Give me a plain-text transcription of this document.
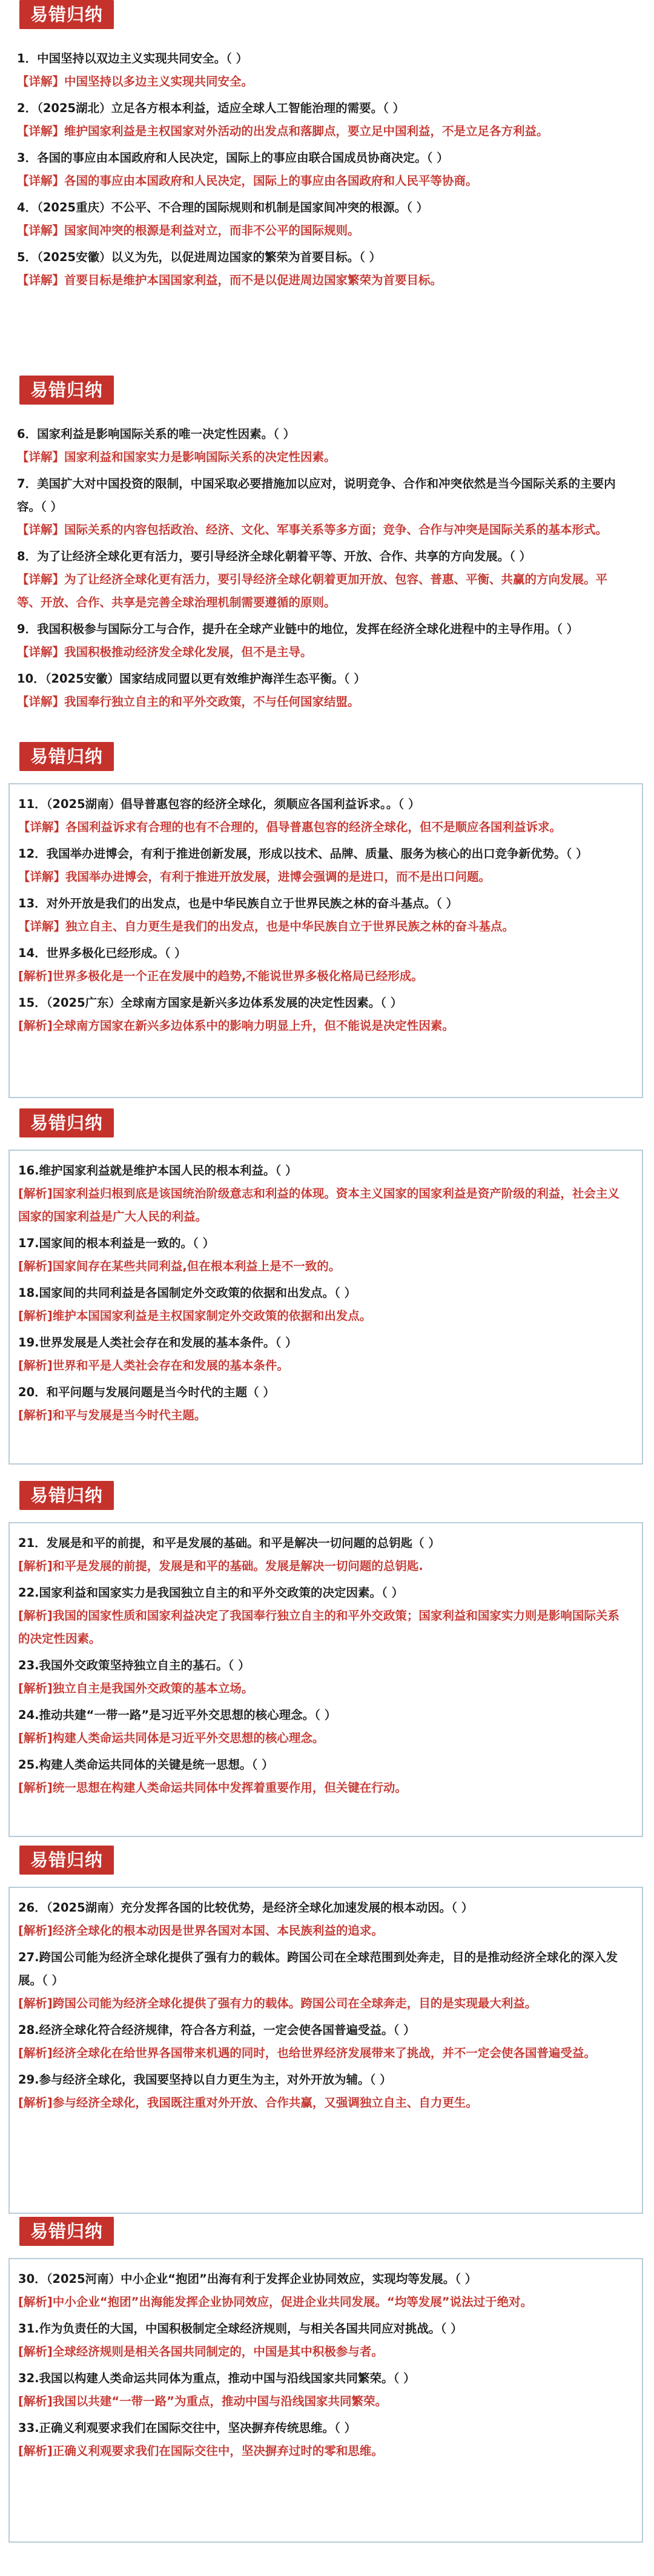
易错归纳

1．中国坚持以双边主义实现共同安全。（ ）

【详解】中国坚持以多边主义实现共同安全。

2．（2025湖北）立足各方根本利益，适应全球人工智能治理的需要。（ ）

【详解】维护国家利益是主权国家对外活动的出发点和落脚点，要立足中国利益，不是立足各方利益。

3．各国的事应由本国政府和人民决定，国际上的事应由联合国成员协商决定。（ ）

【详解】各国的事应由本国政府和人民决定，国际上的事应由各国政府和人民平等协商。

4．（2025重庆）不公平、不合理的国际规则和机制是国家间冲突的根源。（ ）

【详解】国家间冲突的根源是利益对立，而非不公平的国际规则。

5．（2025安徽）以义为先，以促进周边国家的繁荣为首要目标。（ ）

【详解】首要目标是维护本国国家利益，而不是以促进周边国家繁荣为首要目标。

易错归纳

6．国家利益是影响国际关系的唯一决定性因素。（ ）

【详解】国家利益和国家实力是影响国际关系的决定性因素。

7．美国扩大对中国投资的限制，中国采取必要措施加以应对，说明竞争、合作和冲突依然是当今国际关系的主要内容。（ ）

【详解】国际关系的内容包括政治、经济、文化、军事关系等多方面；竞争、合作与冲突是国际关系的基本形式。

8．为了让经济全球化更有活力，要引导经济全球化朝着平等、开放、合作、共享的方向发展。（ ）

【详解】为了让经济全球化更有活力，要引导经济全球化朝着更加开放、包容、普惠、平衡、共赢的方向发展。平等、开放、合作、共享是完善全球治理机制需要遵循的原则。

9．我国积极参与国际分工与合作，提升在全球产业链中的地位，发挥在经济全球化进程中的主导作用。（ ）

【详解】我国积极推动经济发全球化发展，但不是主导。

10．（2025安徽）国家结成同盟以更有效维护海洋生态平衡。（ ）

【详解】我国奉行独立自主的和平外交政策，不与任何国家结盟。

易错归纳

11．（2025湖南）倡导普惠包容的经济全球化，须顺应各国利益诉求。。（ ）

【详解】各国利益诉求有合理的也有不合理的，倡导普惠包容的经济全球化，但不是顺应各国利益诉求。

12．我国举办进博会，有利于推进创新发展，形成以技术、品牌、质量、服务为核心的出口竞争新优势。（ ）

【详解】我国举办进博会，有利于推进开放发展，进博会强调的是进口，而不是出口问题。

13．对外开放是我们的出发点，也是中华民族自立于世界民族之林的奋斗基点。（ ）

【详解】独立自主、自力更生是我们的出发点，也是中华民族自立于世界民族之林的奋斗基点。

14．世界多极化已经形成。（ ）

[解析]世界多极化是一个正在发展中的趋势,不能说世界多极化格局已经形成。

15．（2025广东）全球南方国家是新兴多边体系发展的决定性因素。（ ）

[解析]全球南方国家在新兴多边体系中的影响力明显上升，但不能说是决定性因素。

易错归纳

16.维护国家利益就是维护本国人民的根本利益。（ ）

[解析]国家利益归根到底是该国统治阶级意志和利益的体现。资本主义国家的国家利益是资产阶级的利益，社会主义国家的国家利益是广大人民的利益。

17.国家间的根本利益是一致的。（ ）

[解析]国家间存在某些共同利益,但在根本利益上是不一致的。

18.国家间的共同利益是各国制定外交政策的依据和出发点。（ ）

[解析]维护本国国家利益是主权国家制定外交政策的依据和出发点。

19.世界发展是人类社会存在和发展的基本条件。（ ）

[解析]世界和平是人类社会存在和发展的基本条件。

20．和平问题与发展问题是当今时代的主题（ ）

[解析]和平与发展是当今时代主题。

易错归纳

21．发展是和平的前提，和平是发展的基础。和平是解决一切问题的总钥匙（ ）

[解析]和平是发展的前提，发展是和平的基础。发展是解决一切问题的总钥匙.

22.国家利益和国家实力是我国独立自主的和平外交政策的决定因素。（ ）

[解析]我国的国家性质和国家利益决定了我国奉行独立自主的和平外交政策；国家利益和国家实力则是影响国际关系的决定性因素。

23.我国外交政策坚持独立自主的基石。（ ）

[解析]独立自主是我国外交政策的基本立场。

24.推动共建“一带一路”是习近平外交思想的核心理念。（ ）

[解析]构建人类命运共同体是习近平外交思想的核心理念。

25.构建人类命运共同体的关键是统一思想。（ ）

[解析]统一思想在构建人类命运共同体中发挥着重要作用，但关键在行动。

易错归纳

26．（2025湖南）充分发挥各国的比较优势，是经济全球化加速发展的根本动因。（ ）

[解析]经济全球化的根本动因是世界各国对本国、本民族利益的追求。

27.跨国公司能为经济全球化提供了强有力的载体。跨国公司在全球范围到处奔走，目的是推动经济全球化的深入发展。（ ）

[解析]跨国公司能为经济全球化提供了强有力的载体。跨国公司在全球奔走，目的是实现最大利益。

28.经济全球化符合经济规律，符合各方利益，一定会使各国普遍受益。（ ）

[解析]经济全球化在给世界各国带来机遇的同时，也给世界经济发展带来了挑战，并不一定会使各国普遍受益。

29.参与经济全球化，我国要坚持以自力更生为主，对外开放为辅。（ ）

[解析]参与经济全球化，我国既注重对外开放、合作共赢，又强调独立自主、自力更生。

易错归纳

30．（2025河南）中小企业“抱团”出海有利于发挥企业协同效应，实现均等发展。（ ）

[解析]中小企业“抱团”出海能发挥企业协同效应，促进企业共同发展。“均等发展”说法过于绝对。

31.作为负责任的大国，中国积极制定全球经济规则，与相关各国共同应对挑战。（ ）

[解析]全球经济规则是相关各国共同制定的，中国是其中积极参与者。

32.我国以构建人类命运共同体为重点，推动中国与沿线国家共同繁荣。（ ）

[解析]我国以共建“一带一路”为重点，推动中国与沿线国家共同繁荣。

33.正确义利观要求我们在国际交往中，坚决摒弃传统思维。（ ）

[解析]正确义利观要求我们在国际交往中，坚决摒弃过时的零和思维。
